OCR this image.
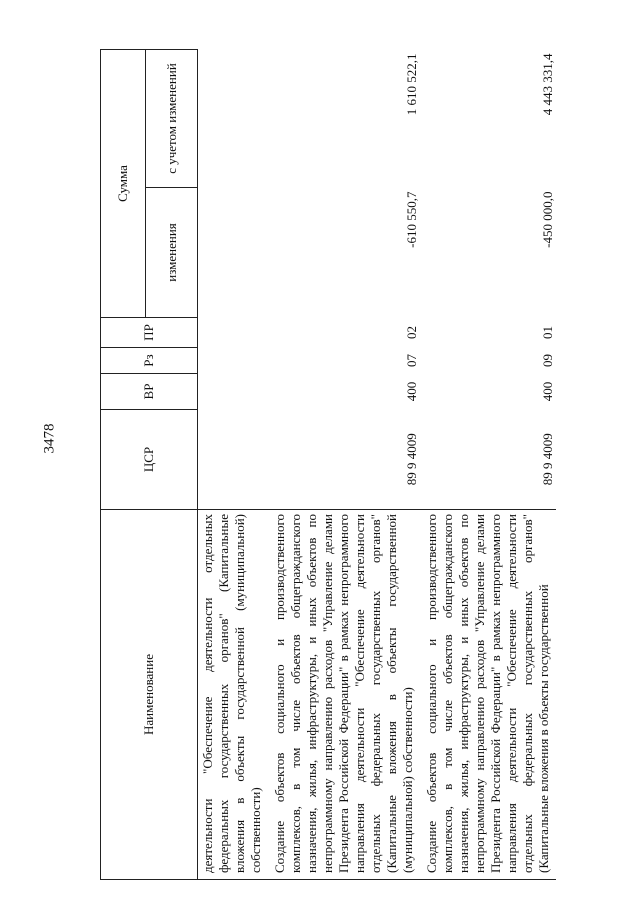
3478
Наименование	ЦСР	ВР	Рз	ПР	Сумма	
					изменения	с учетом изменений
деятельности "Обеспечение деятельности отдельных федеральных государственных органов" (Капитальные вложения в объекты государственной (муниципальной) собственности)						
Создание объектов социального и производственного комплексов, в том числе объектов общегражданского назначения, жилья, инфраструктуры, и иных объектов по непрограммному направлению расходов "Управление делами Президента Российской Федерации" в рамках непрограммного направления деятельности "Обеспечение деятельности отдельных федеральных государственных органов" (Капитальные вложения в объекты государственной (муниципальной) собственности)	89 9 4009	400	07	02	-610 550,7	1 610 522,1
Создание объектов социального и производственного комплексов, в том числе объектов общегражданского назначения, жилья, инфраструктуры, и иных объектов по непрограммному направлению расходов "Управление делами Президента Российской Федерации" в рамках непрограммного направления деятельности "Обеспечение деятельности отдельных федеральных государственных органов" (Капитальные вложения в объекты государственной	89 9 4009	400	09	01	-450 000,0	4 443 331,4
